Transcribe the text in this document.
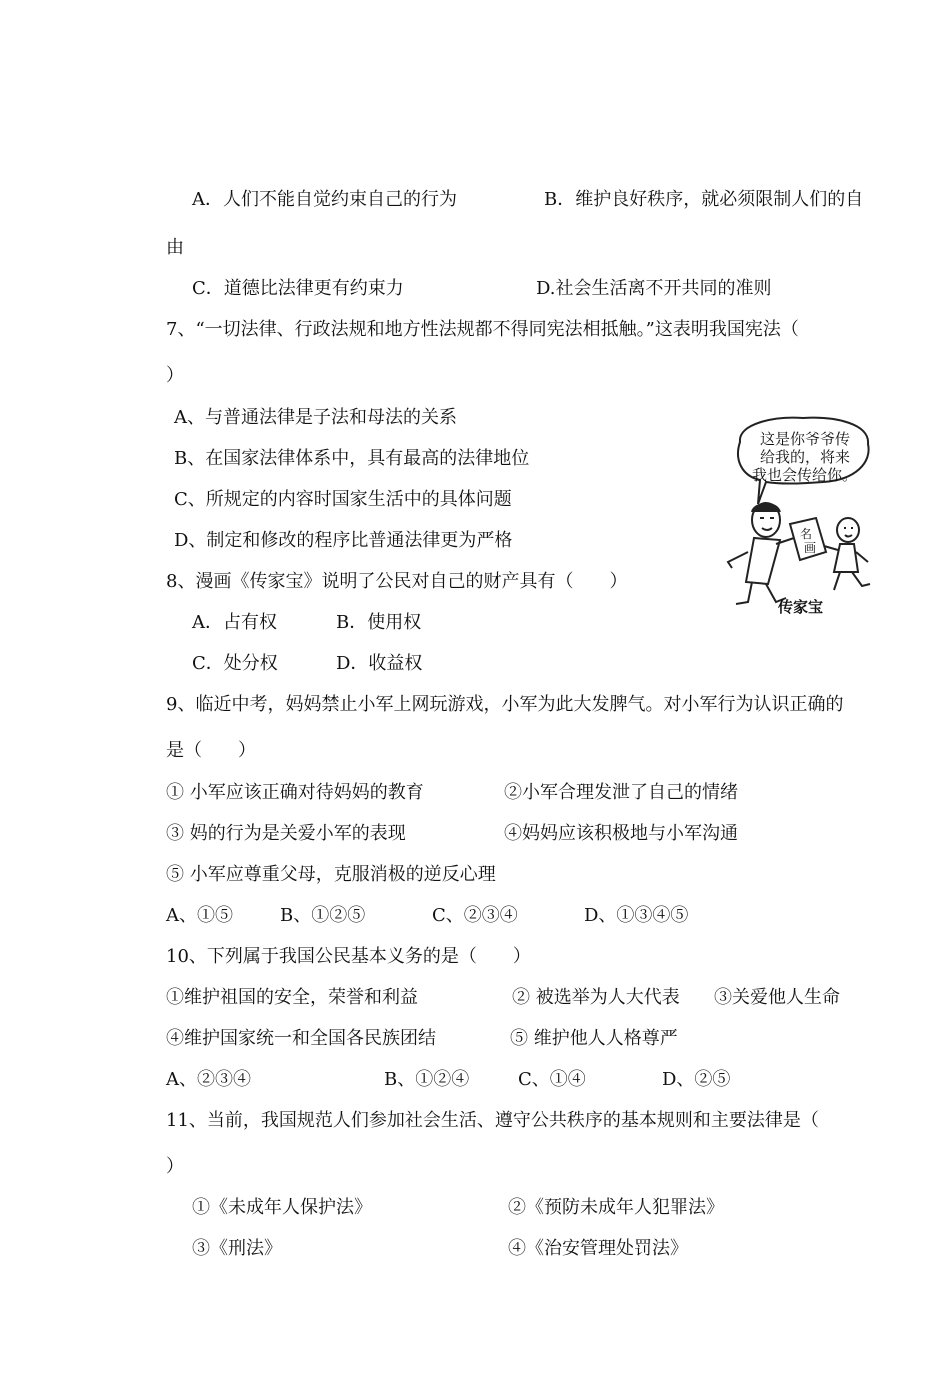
A．人们不能自觉约束自己的行为	B．维护良好秩序，就必须限制人们的自
由
C．道德比法律更有约束力	D.社会生活离不开共同的准则
7、“一切法律、行政法规和地方性法规都不得同宪法相抵触。”这表明我国宪法（
）
A、与普通法律是子法和母法的关系
B、在国家法律体系中，具有最高的法律地位
C、所规定的内容时国家生活中的具体问题
D、制定和修改的程序比普通法律更为严格
8、漫画《传家宝》说明了公民对自己的财产具有（　　）
A．占有权	B．使用权
C．处分权	D．收益权
这是你爷爷传
给我的，将来
我也会传给你。
名
画
传家宝
9、临近中考，妈妈禁止小军上网玩游戏，小军为此大发脾气。对小军行为认识正确的
是（　　）
① 小军应该正确对待妈妈的教育	②小军合理发泄了自己的情绪
③ 妈的行为是关爱小军的表现	④妈妈应该积极地与小军沟通
⑤ 小军应尊重父母，克服消极的逆反心理
A、①⑤	B、①②⑤	C、②③④	D、①③④⑤
10、下列属于我国公民基本义务的是（　　）
①维护祖国的安全，荣誉和利益	② 被选举为人大代表 ③关爱他人生命
④维护国家统一和全国各民族团结	⑤ 维护他人人格尊严
A、②③④	B、①②④	C、①④	D、②⑤
11、当前，我国规范人们参加社会生活、遵守公共秩序的基本规则和主要法律是（
）
①《未成年人保护法》	②《预防未成年人犯罪法》
③《刑法》	④《治安管理处罚法》
